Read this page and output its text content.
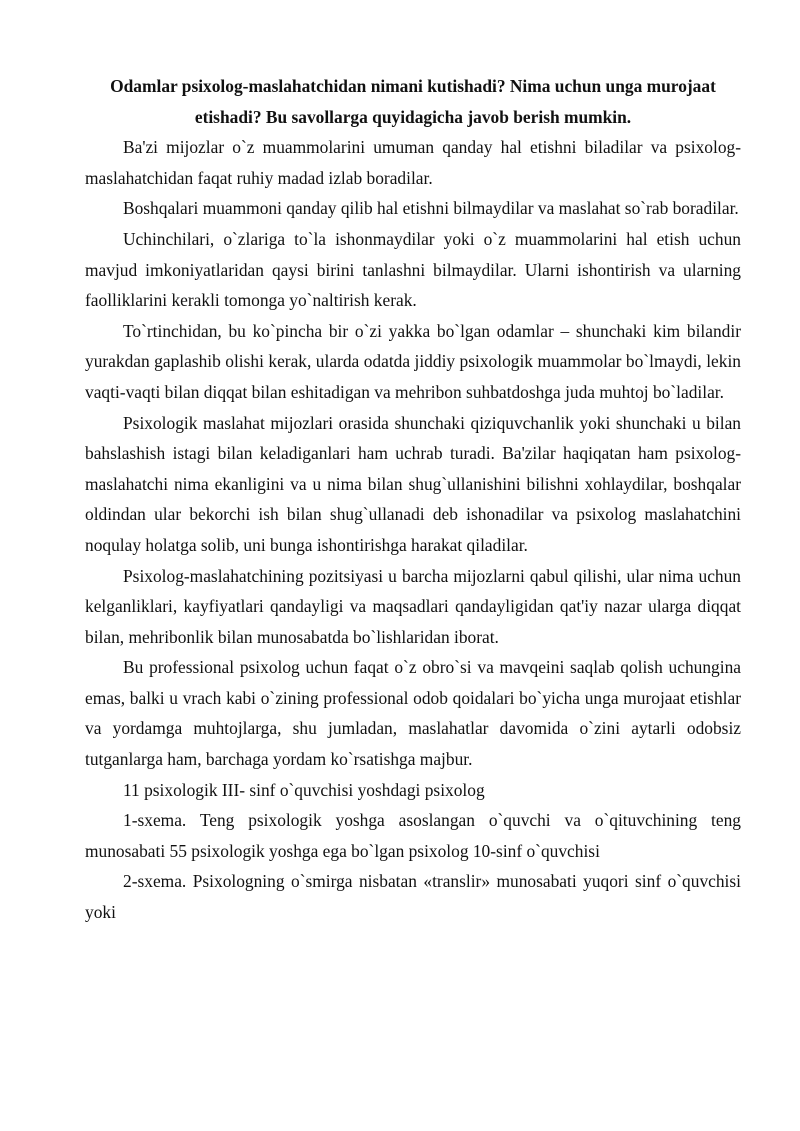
Odamlar psixolog-maslahatchidan nimani kutishadi? Nima uchun unga murojaat etishadi? Bu savollarga quyidagicha javob berish mumkin.

Ba'zi mijozlar o`z muammolarini umuman qanday hal etishni biladilar va psixolog-maslahatchidan faqat ruhiy madad izlab boradilar.

Boshqalari muammoni qanday qilib hal etishni bilmaydilar va maslahat so`rab boradilar.

Uchinchilari, o`zlariga to`la ishonmaydilar yoki o`z muammolarini hal etish uchun mavjud imkoniyatlaridan qaysi birini tanlashni bilmaydilar. Ularni ishontirish va ularning faolliklarini kerakli tomonga yo`naltirish kerak.

To`rtinchidan, bu ko`pincha bir o`zi yakka bo`lgan odamlar – shunchaki kim bilandir yurakdan gaplashib olishi kerak, ularda odatda jiddiy psixologik muammolar bo`lmaydi, lekin vaqti-vaqti bilan diqqat bilan eshitadigan va mehribon suhbatdoshga juda muhtoj bo`ladilar.

Psixologik maslahat mijozlari orasida shunchaki qiziquvchanlik yoki shunchaki u bilan bahslashish istagi bilan keladiganlari ham uchrab turadi. Ba'zilar haqiqatan ham psixolog-maslahatchi nima ekanligini va u nima bilan shug`ullanishini bilishni xohlaydilar, boshqalar oldindan ular bekorchi ish bilan shug`ullanadi deb ishonadilar va psixolog maslahatchini noqulay holatga solib, uni bunga ishontirishga harakat qiladilar.

Psixolog-maslahatchining pozitsiyasi u barcha mijozlarni qabul qilishi, ular nima uchun kelganliklari, kayfiyatlari qandayligi va maqsadlari qandayligidan qat'iy nazar ularga diqqat bilan, mehribonlik bilan munosabatda bo`lishlaridan iborat.

Bu professional psixolog uchun faqat o`z obro`si va mavqeini saqlab qolish uchungina emas, balki u vrach kabi o`zining professional odob qoidalari bo`yicha unga murojaat etishlar va yordamga muhtojlarga, shu jumladan, maslahatlar davomida o`zini aytarli odobsiz tutganlarga ham, barchaga yordam ko`rsatishga majbur.

11 psixologik III- sinf o`quvchisi yoshdagi psixolog

1-sxema. Teng psixologik yoshga asoslangan o`quvchi va o`qituvchining teng munosabati 55 psixologik yoshga ega bo`lgan psixolog 10-sinf o`quvchisi

2-sxema. Psixologning o`smirga nisbatan «translir» munosabati yuqori sinf o`quvchisi yoki
